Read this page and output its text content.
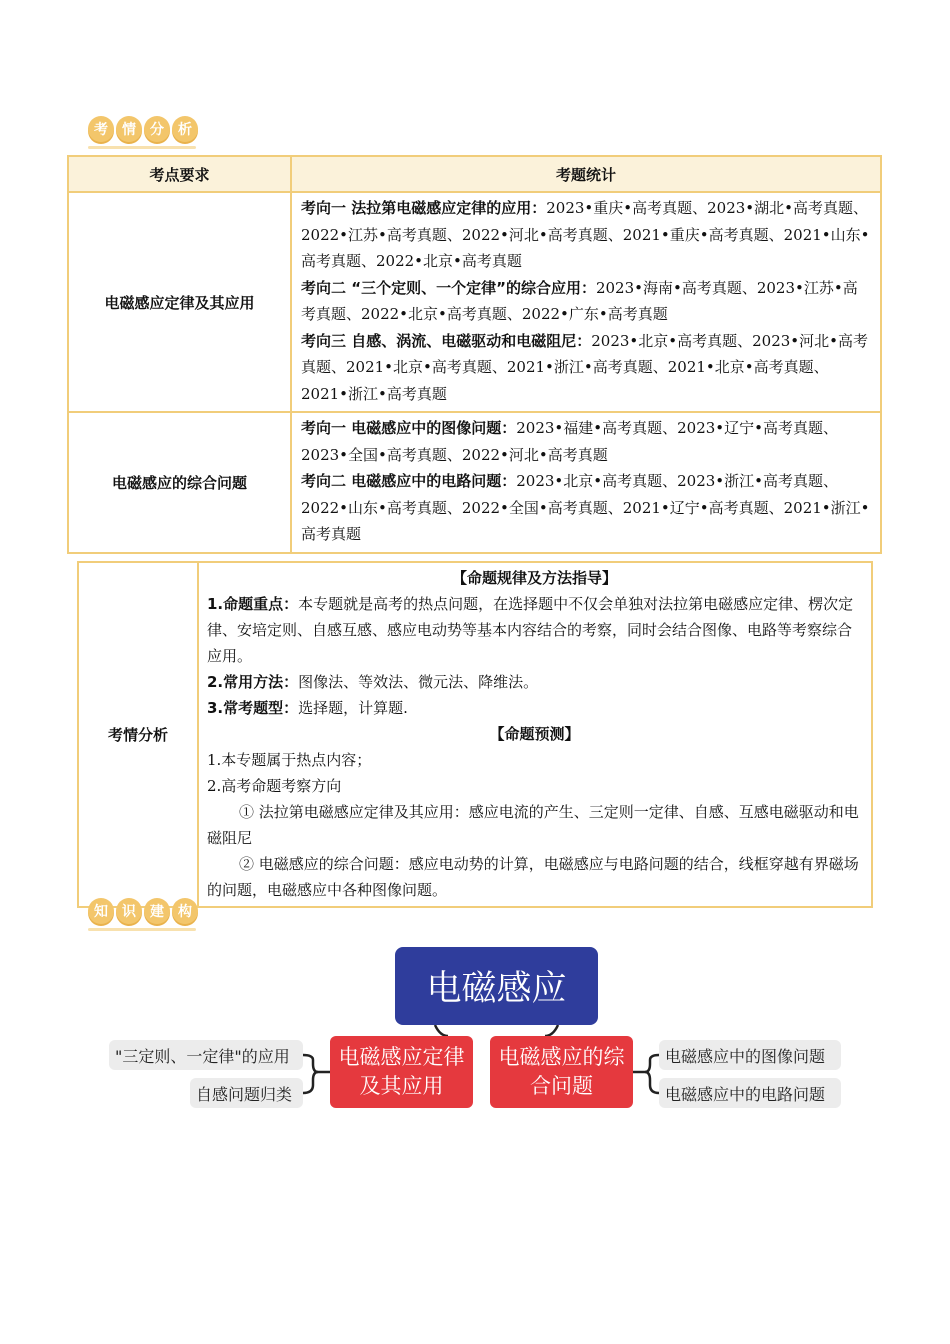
考	情	分	析
考点要求	考题统计
电磁感应定律及其应用	考向一 法拉第电磁感应定律的应用：2023•重庆•高考真题、2023•湖北•高考真题、2022•江苏•高考真题、2022•河北•高考真题、2021•重庆•高考真题、2021•山东•高考真题、2022•北京•高考真题
考向二 “三个定则、一个定律”的综合应用：2023•海南•高考真题、2023•江苏•高考真题、2022•北京•高考真题、2022•广东•高考真题
考向三 自感、涡流、电磁驱动和电磁阻尼：2023•北京•高考真题、2023•河北•高考真题、2021•北京•高考真题、2021•浙江•高考真题、2021•北京•高考真题、2021•浙江•高考真题

电磁感应的综合问题	考向一 电磁感应中的图像问题：2023•福建•高考真题、2023•辽宁•高考真题、2023•全国•高考真题、2022•河北•高考真题
考向二 电磁感应中的电路问题：2023•北京•高考真题、2023•浙江•高考真题、2022•山东•高考真题、2022•全国•高考真题、2021•辽宁•高考真题、2021•浙江•高考真题
考情分析	
【命题规律及方法指导】
1.命题重点：本专题就是高考的热点问题，在选择题中不仅会单独对法拉第电磁感应定律、楞次定律、安培定则、自感互感、感应电动势等基本内容结合的考察，同时会结合图像、电路等考察综合应用。
2.常用方法：图像法、等效法、微元法、降维法。
3.常考题型：选择题，计算题.
【命题预测】
1.本专题属于热点内容；
2.高考命题考察方向
① 法拉第电磁感应定律及其应用：感应电流的产生、三定则一定律、自感、互感电磁驱动和电磁阻尼
② 电磁感应的综合问题：感应电动势的计算，电磁感应与电路问题的结合，线框穿越有界磁场的问题，电磁感应中各种图像问题。
知	识	建	构
电磁感应
电磁感应定律及其应用
电磁感应的综合问题
"三定则、一定律"的应用
自感问题归类
电磁感应中的图像问题
电磁感应中的电路问题
